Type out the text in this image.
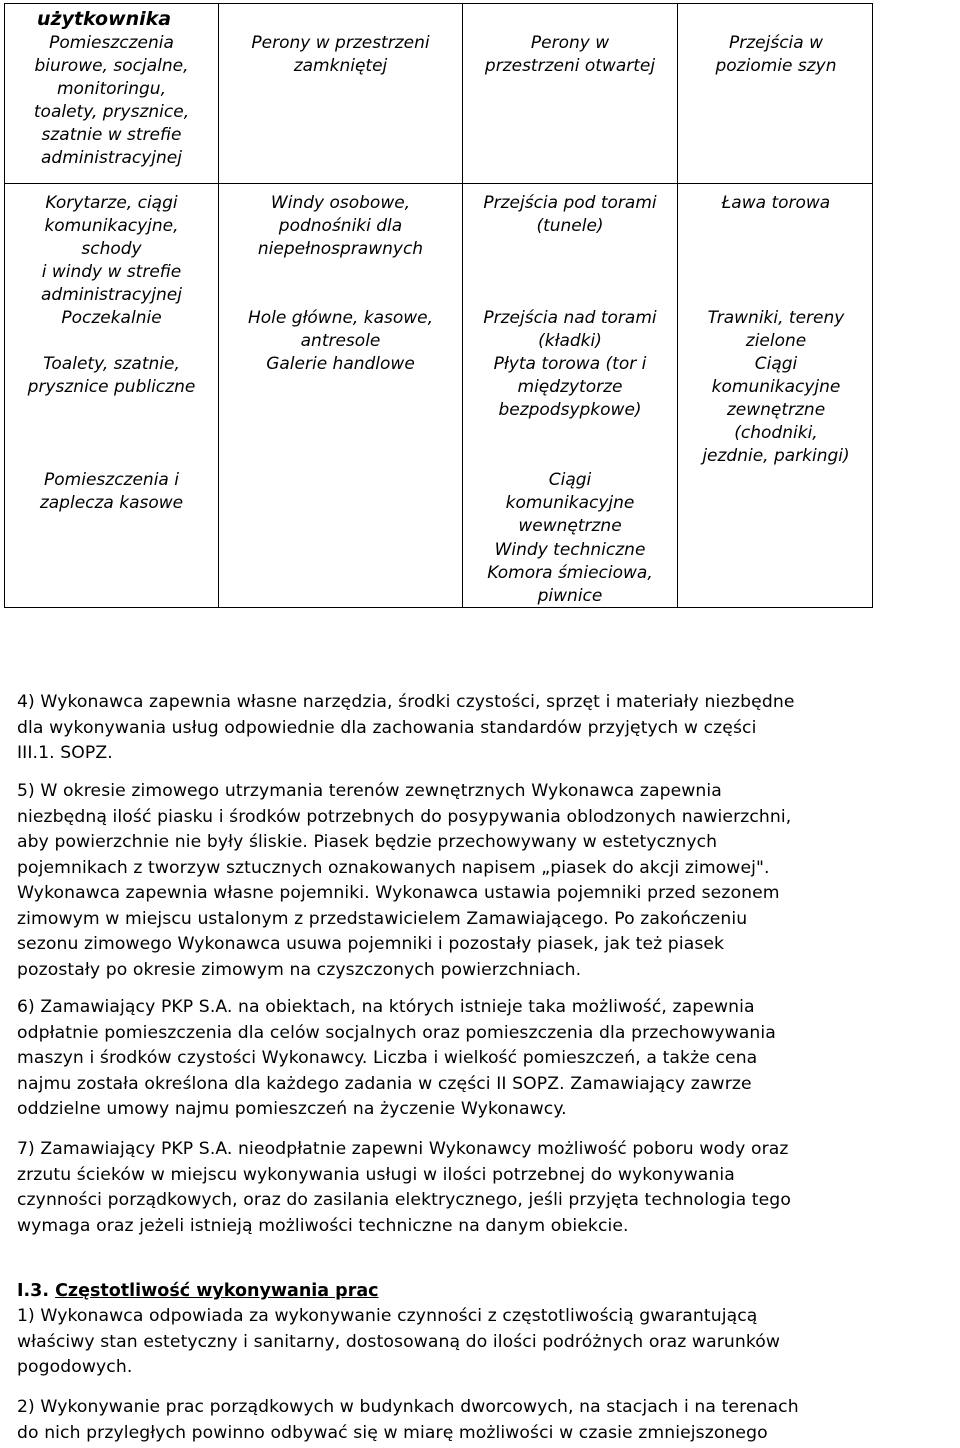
użytkownika
Pomieszczenia
biurowe, socjalne,
monitoringu,
toalety, prysznice,
szatnie w strefie
administracyjnej
Perony w przestrzeni
zamkniętej
Perony w
przestrzeni otwartej
Przejścia w
poziomie szyn
Korytarze, ciągi
komunikacyjne,
schody
i windy w strefie
administracyjnej
Poczekalnie
Toalety, szatnie,
prysznice publiczne
Pomieszczenia i
zaplecza kasowe
Windy osobowe,
podnośniki dla
niepełnosprawnych
Hole główne, kasowe,
antresole
Galerie handlowe
Przejścia pod torami
(tunele)
Przejścia nad torami
(kładki)
Płyta torowa (tor i
międzytorze
bezpodsypkowe)
Ciągi
komunikacyjne
wewnętrzne
Windy techniczne
Komora śmieciowa,
piwnice
Ława torowa
Trawniki, tereny
zielone
Ciągi
komunikacyjne
zewnętrzne
(chodniki,
jezdnie, parkingi)
4) Wykonawca zapewnia własne narzędzia, środki czystości, sprzęt i materiały niezbędne
dla wykonywania usług odpowiednie dla zachowania standardów przyjętych w części
III.1. SOPZ.
5) W okresie zimowego utrzymania terenów zewnętrznych Wykonawca zapewnia
niezbędną ilość piasku i środków potrzebnych do posypywania oblodzonych nawierzchni,
aby powierzchnie nie były śliskie. Piasek będzie przechowywany w estetycznych
pojemnikach z tworzyw sztucznych oznakowanych napisem „piasek do akcji zimowej".
Wykonawca zapewnia własne pojemniki. Wykonawca ustawia pojemniki przed sezonem
zimowym w miejscu ustalonym z przedstawicielem Zamawiającego. Po zakończeniu
sezonu zimowego Wykonawca usuwa pojemniki i pozostały piasek, jak też piasek
pozostały po okresie zimowym na czyszczonych powierzchniach.
6) Zamawiający PKP S.A. na obiektach, na których istnieje taka możliwość, zapewnia
odpłatnie pomieszczenia dla celów socjalnych oraz pomieszczenia dla przechowywania
maszyn i środków czystości Wykonawcy. Liczba i wielkość pomieszczeń, a także cena
najmu została określona dla każdego zadania w części II SOPZ. Zamawiający zawrze
oddzielne umowy najmu pomieszczeń na życzenie Wykonawcy.
7) Zamawiający PKP S.A. nieodpłatnie zapewni Wykonawcy możliwość poboru wody oraz
zrzutu ścieków w miejscu wykonywania usługi w ilości potrzebnej do wykonywania
czynności porządkowych, oraz do zasilania elektrycznego, jeśli przyjęta technologia tego
wymaga oraz jeżeli istnieją możliwości techniczne na danym obiekcie.
I.3. Częstotliwość wykonywania prac
1) Wykonawca odpowiada za wykonywanie czynności z częstotliwością gwarantującą
właściwy stan estetyczny i sanitarny, dostosowaną do ilości podróżnych oraz warunków
pogodowych.
2) Wykonywanie prac porządkowych w budynkach dworcowych, na stacjach i na terenach
do nich przyległych powinno odbywać się w miarę możliwości w czasie zmniejszonego
